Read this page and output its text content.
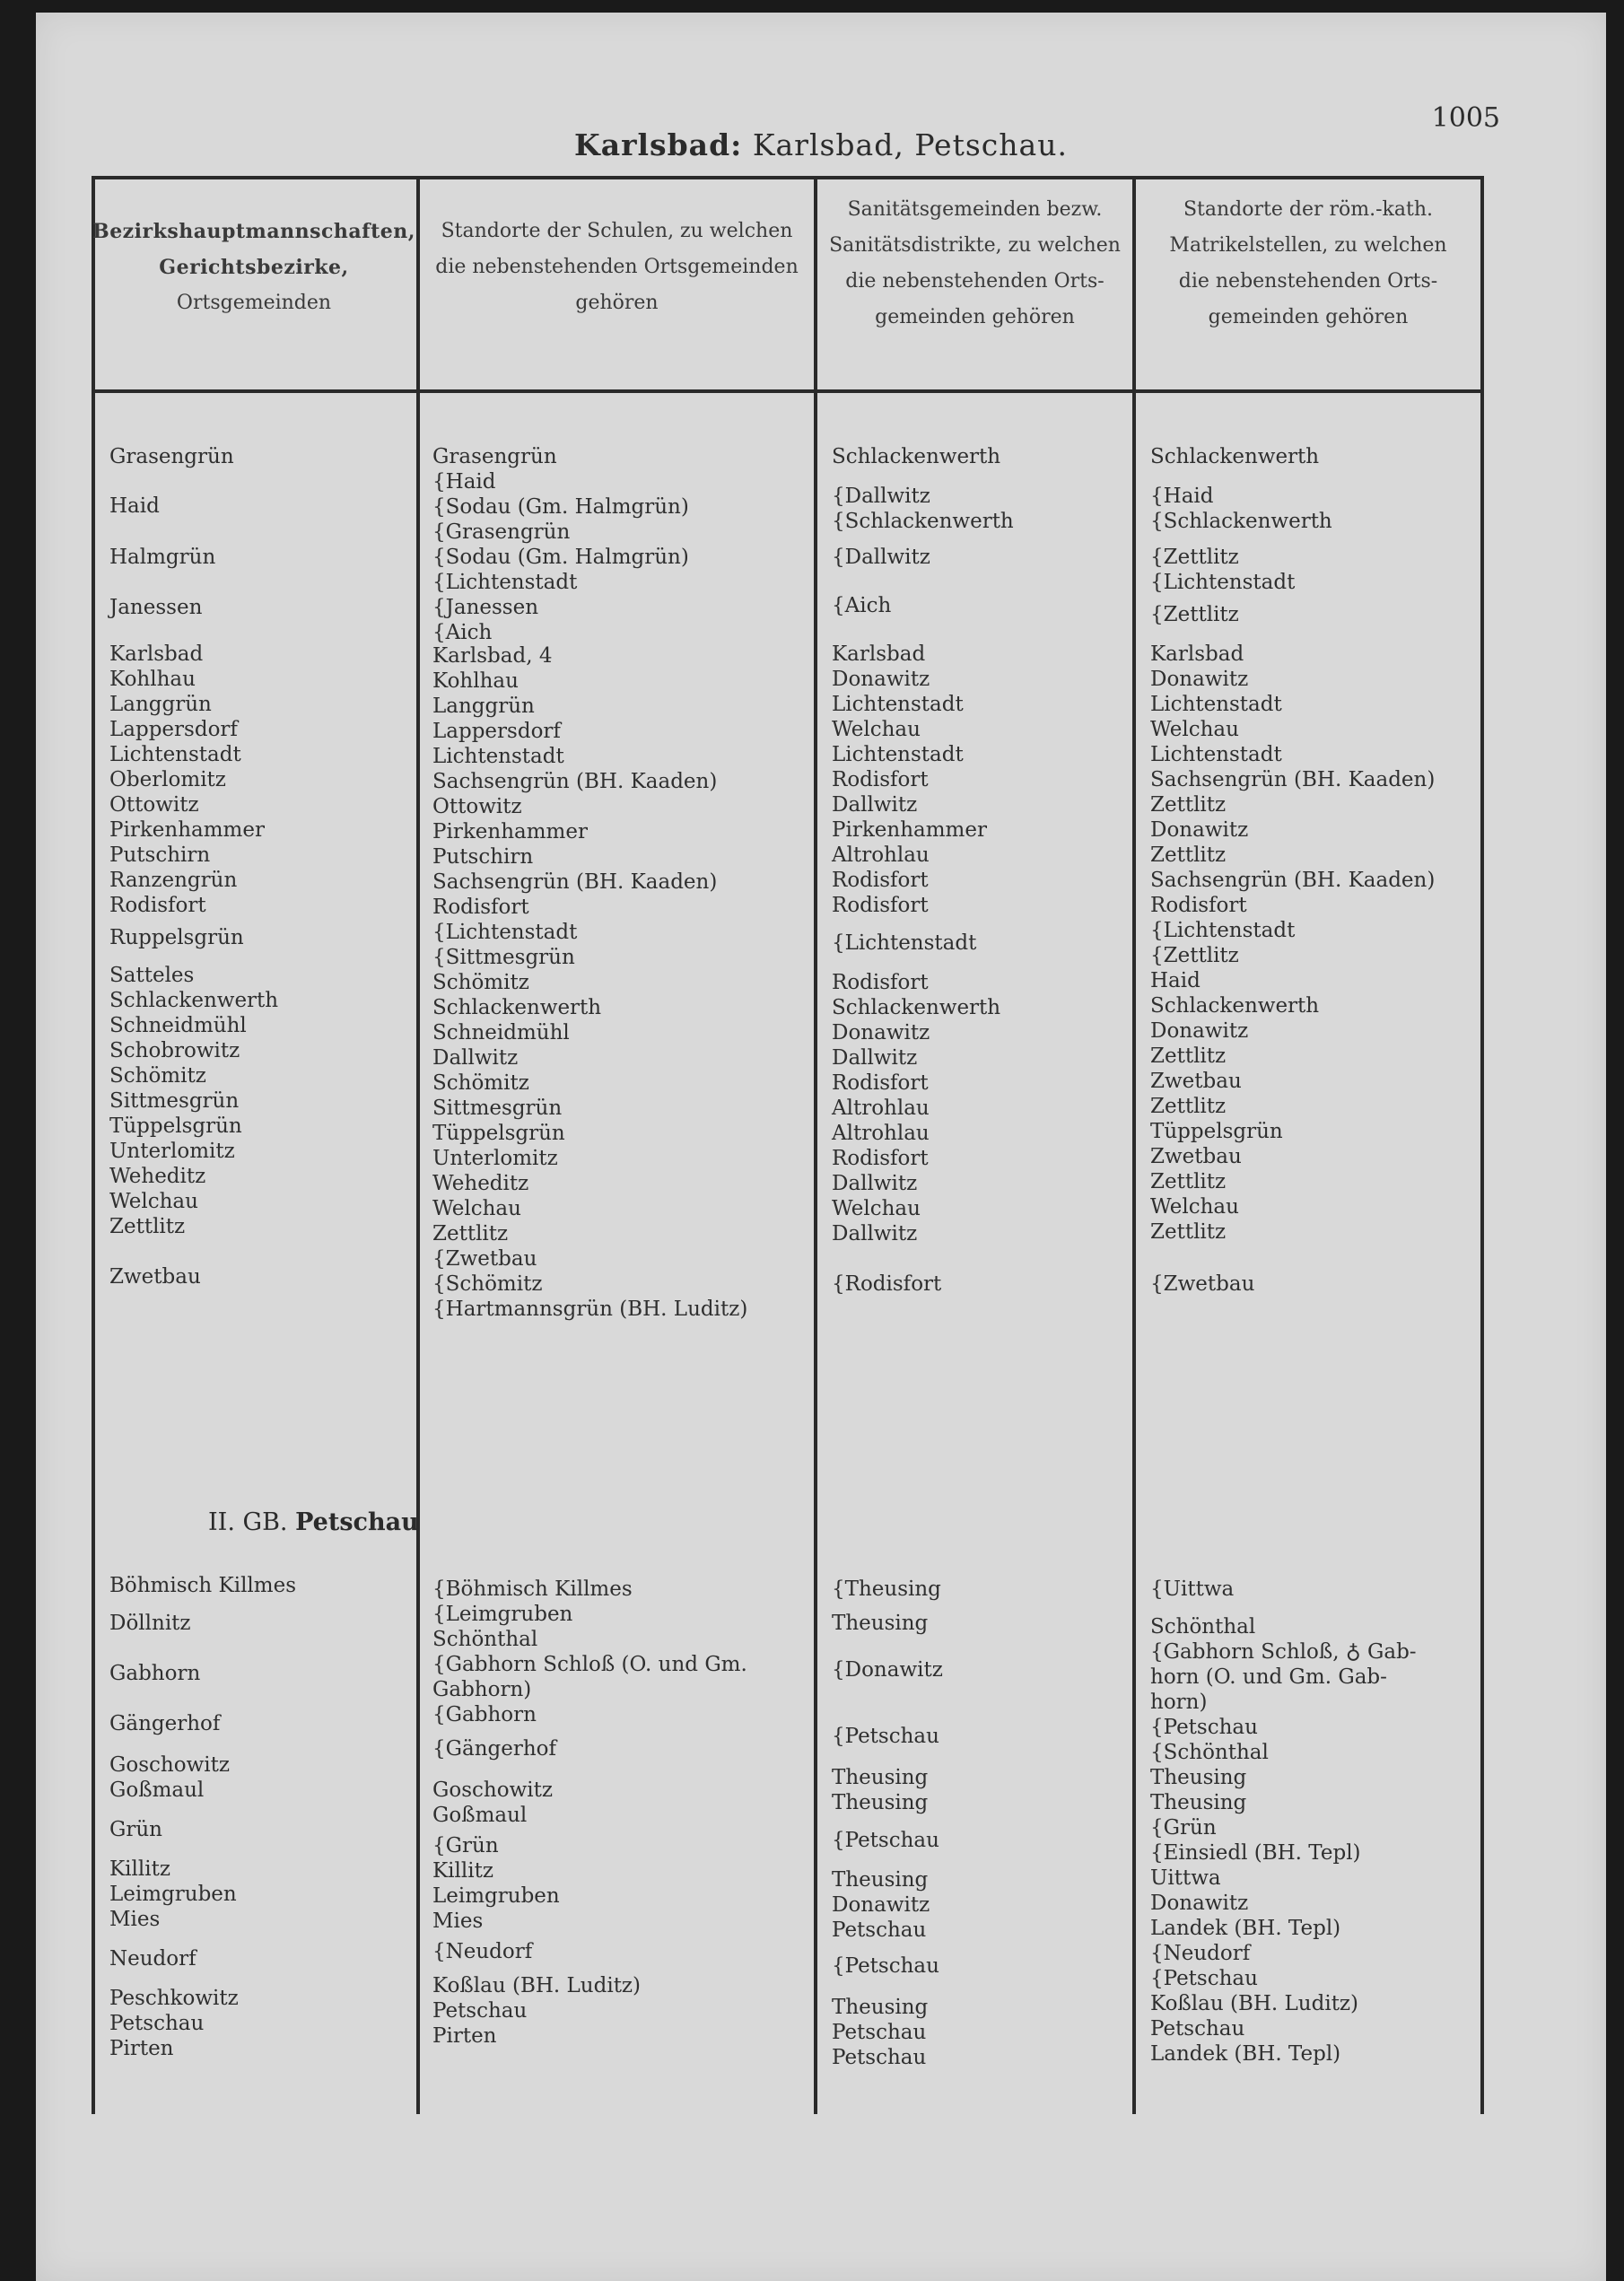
Karlsbad: Karlsbad, Petschau.
1005
Bezirkshauptmannschaften,
Gerichtsbezirke,
Ortsgemeinden
Standorte der Schulen, zu welchen
die nebenstehenden Ortsgemeinden
gehören
Sanitätsgemeinden bezw.
Sanitätsdistrikte, zu welchen
die nebenstehenden Orts-
gemeinden gehören
Standorte der röm.-kath.
Matrikelstellen, zu welchen
die nebenstehenden Orts-
gemeinden gehören
II. GB. Petschau
Grasengrün
Haid
Halmgrün
Janessen
Karlsbad
Kohlhau
Langgrün
Lappersdorf
Lichtenstadt
Oberlomitz
Ottowitz
Pirkenhammer
Putschirn
Ranzengrün
Rodisfort
Ruppelsgrün
Satteles
Schlackenwerth
Schneidmühl
Schobrowitz
Schömitz
Sittmesgrün
Tüppelsgrün
Unterlomitz
Weheditz
Welchau
Zettlitz
Zwetbau
Böhmisch Killmes
Döllnitz
Gabhorn
Gängerhof
Goschowitz
Goßmaul
Grün
Killitz
Leimgruben
Mies
Neudorf
Peschkowitz
Petschau
Pirten
Grasengrün
{Haid
{Sodau (Gm. Halmgrün)
{Grasengrün
{Sodau (Gm. Halmgrün)
{Lichtenstadt
{Janessen
{Aich
Karlsbad, 4
Kohlhau
Langgrün
Lappersdorf
Lichtenstadt
Sachsengrün (BH. Kaaden)
Ottowitz
Pirkenhammer
Putschirn
Sachsengrün (BH. Kaaden)
Rodisfort
{Lichtenstadt
{Sittmesgrün
Schömitz
Schlackenwerth
Schneidmühl
Dallwitz
Schömitz
Sittmesgrün
Tüppelsgrün
Unterlomitz
Weheditz
Welchau
Zettlitz
{Zwetbau
{Schömitz
{Hartmannsgrün (BH. Luditz)
{Böhmisch Killmes
{Leimgruben
Schönthal
{Gabhorn Schloß (O. und Gm.
Gabhorn)
{Gabhorn
{Gängerhof
Goschowitz
Goßmaul
{Grün
Killitz
Leimgruben
Mies
{Neudorf
Koßlau (BH. Luditz)
Petschau
Pirten
Schlackenwerth
{Dallwitz
{Schlackenwerth
{Dallwitz
{Aich
Karlsbad
Donawitz
Lichtenstadt
Welchau
Lichtenstadt
Rodisfort
Dallwitz
Pirkenhammer
Altrohlau
Rodisfort
Rodisfort
{Lichtenstadt
Rodisfort
Schlackenwerth
Donawitz
Dallwitz
Rodisfort
Altrohlau
Altrohlau
Rodisfort
Dallwitz
Welchau
Dallwitz
{Rodisfort
{Theusing
Theusing
{Donawitz
{Petschau
Theusing
Theusing
{Petschau
Theusing
Donawitz
Petschau
{Petschau
Theusing
Petschau
Petschau
Schlackenwerth
{Haid
{Schlackenwerth
{Zettlitz
{Lichtenstadt
{Zettlitz
Karlsbad
Donawitz
Lichtenstadt
Welchau
Lichtenstadt
Sachsengrün (BH. Kaaden)
Zettlitz
Donawitz
Zettlitz
Sachsengrün (BH. Kaaden)
Rodisfort
{Lichtenstadt
{Zettlitz
Haid
Schlackenwerth
Donawitz
Zettlitz
Zwetbau
Zettlitz
Tüppelsgrün
Zwetbau
Zettlitz
Welchau
Zettlitz
{Zwetbau
{Uittwa
Schönthal
{Gabhorn Schloß, ♁ Gab-
horn (O. und Gm. Gab-
horn)
{Petschau
{Schönthal
Theusing
Theusing
{Grün
{Einsiedl (BH. Tepl)
Uittwa
Donawitz
Landek (BH. Tepl)
{Neudorf
{Petschau
Koßlau (BH. Luditz)
Petschau
Landek (BH. Tepl)
